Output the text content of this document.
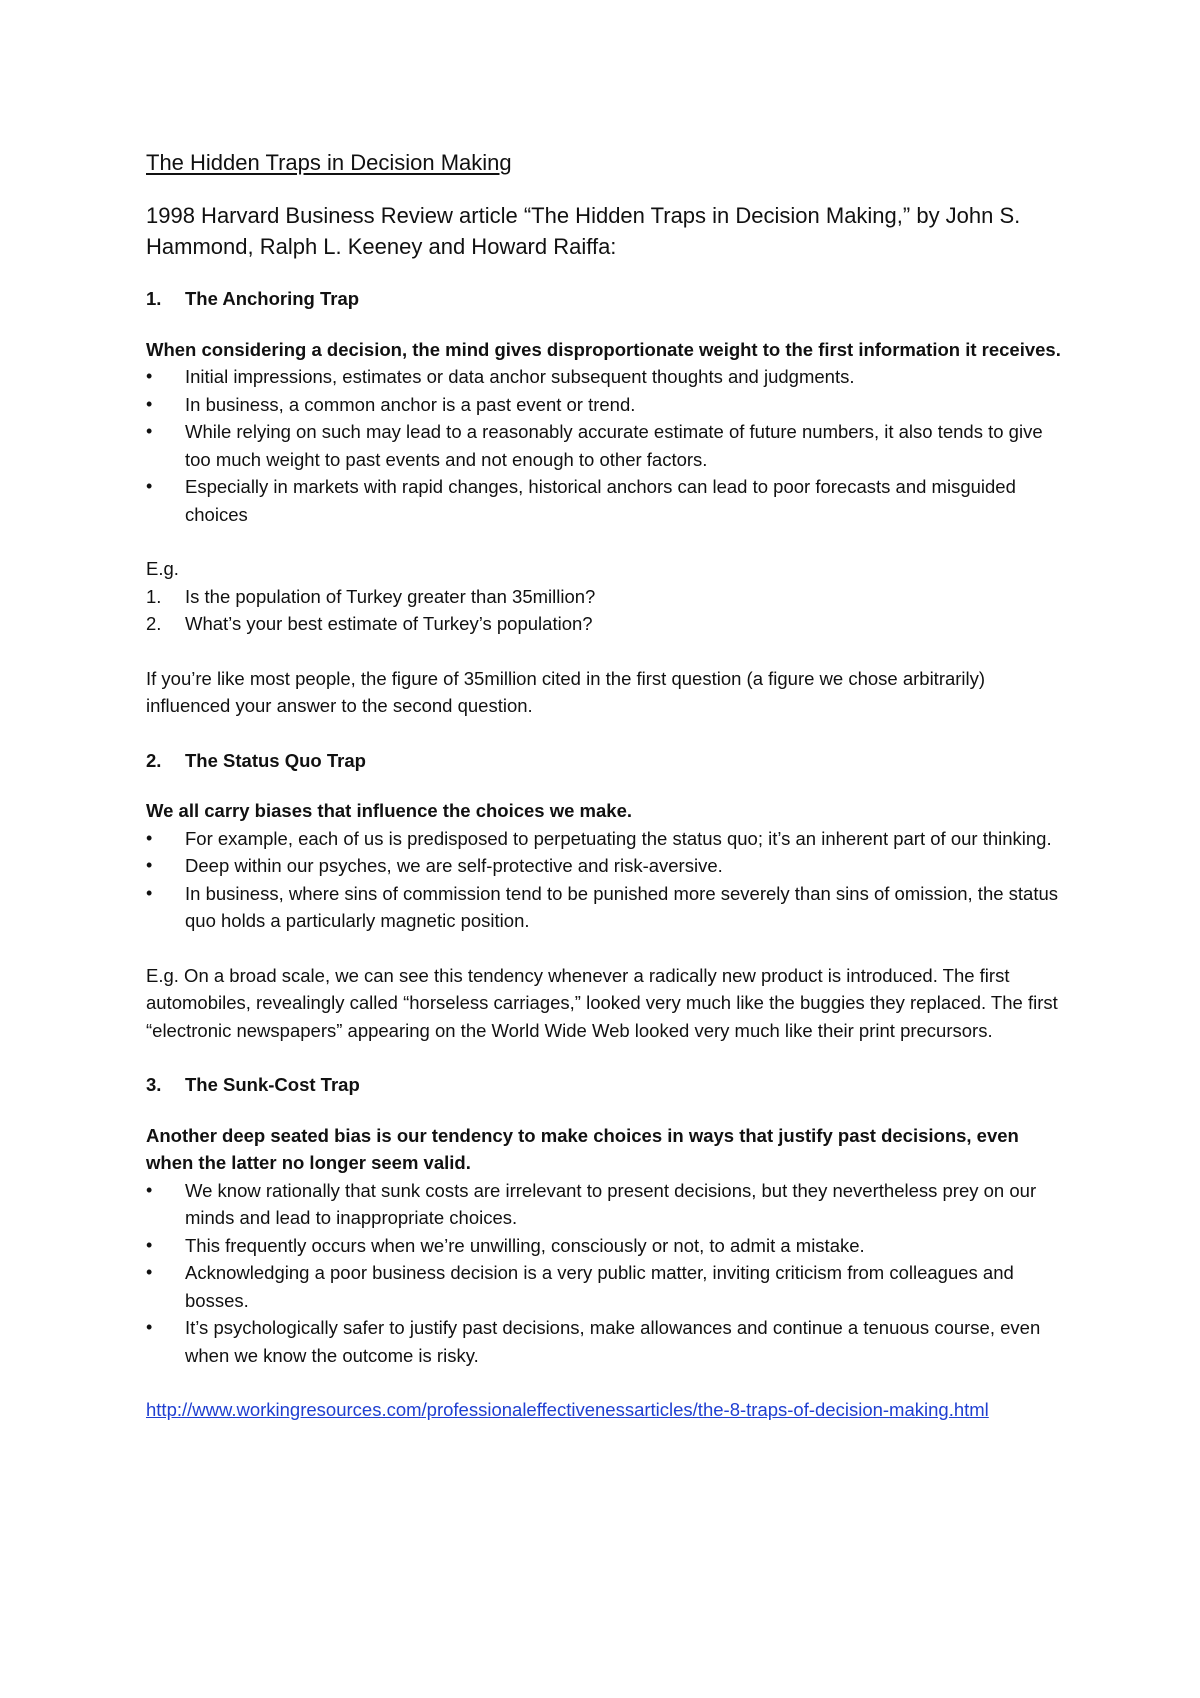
The Hidden Traps in Decision Making
1998 Harvard Business Review article “The Hidden Traps in Decision Making,” by John S. Hammond, Ralph L. Keeney and Howard Raiffa:
1.	The Anchoring Trap

When considering a decision, the mind gives disproportionate weight to the first information it receives.

• Initial impressions, estimates or data anchor subsequent thoughts and judgments.
• In business, a common anchor is a past event or trend.
• While relying on such may lead to a reasonably accurate estimate of future numbers, it also tends to give too much weight to past events and not enough to other factors.
• Especially in markets with rapid changes, historical anchors can lead to poor forecasts and misguided choices

E.g.

1.	Is the population of Turkey greater than 35million?
2.	What’s your best estimate of Turkey’s population?

If you’re like most people, the figure of 35million cited in the first question (a figure we chose arbitrarily) influenced your answer to the second question.

2.	The Status Quo Trap

We all carry biases that influence the choices we make.

• For example, each of us is predisposed to perpetuating the status quo; it’s an inherent part of our thinking.
• Deep within our psyches, we are self-protective and risk-aversive.
• In business, where sins of commission tend to be punished more severely than sins of omission, the status quo holds a particularly magnetic position.

E.g. On a broad scale, we can see this tendency whenever a radically new product is introduced. The first automobiles, revealingly called “horseless carriages,” looked very much like the buggies they replaced. The first “electronic newspapers” appearing on the World Wide Web looked very much like their print precursors.

3.	The Sunk-Cost Trap

Another deep seated bias is our tendency to make choices in ways that justify past decisions, even when the latter no longer seem valid.

• We know rationally that sunk costs are irrelevant to present decisions, but they nevertheless prey on our minds and lead to inappropriate choices.
• This frequently occurs when we’re unwilling, consciously or not, to admit a mistake.
• Acknowledging a poor business decision is a very public matter, inviting criticism from colleagues and bosses.
• It’s psychologically safer to justify past decisions, make allowances and continue a tenuous course, even when we know the outcome is risky.

http://www.workingresources.com/professionaleffectivenessarticles/the-8-traps-of-decision-making.html
